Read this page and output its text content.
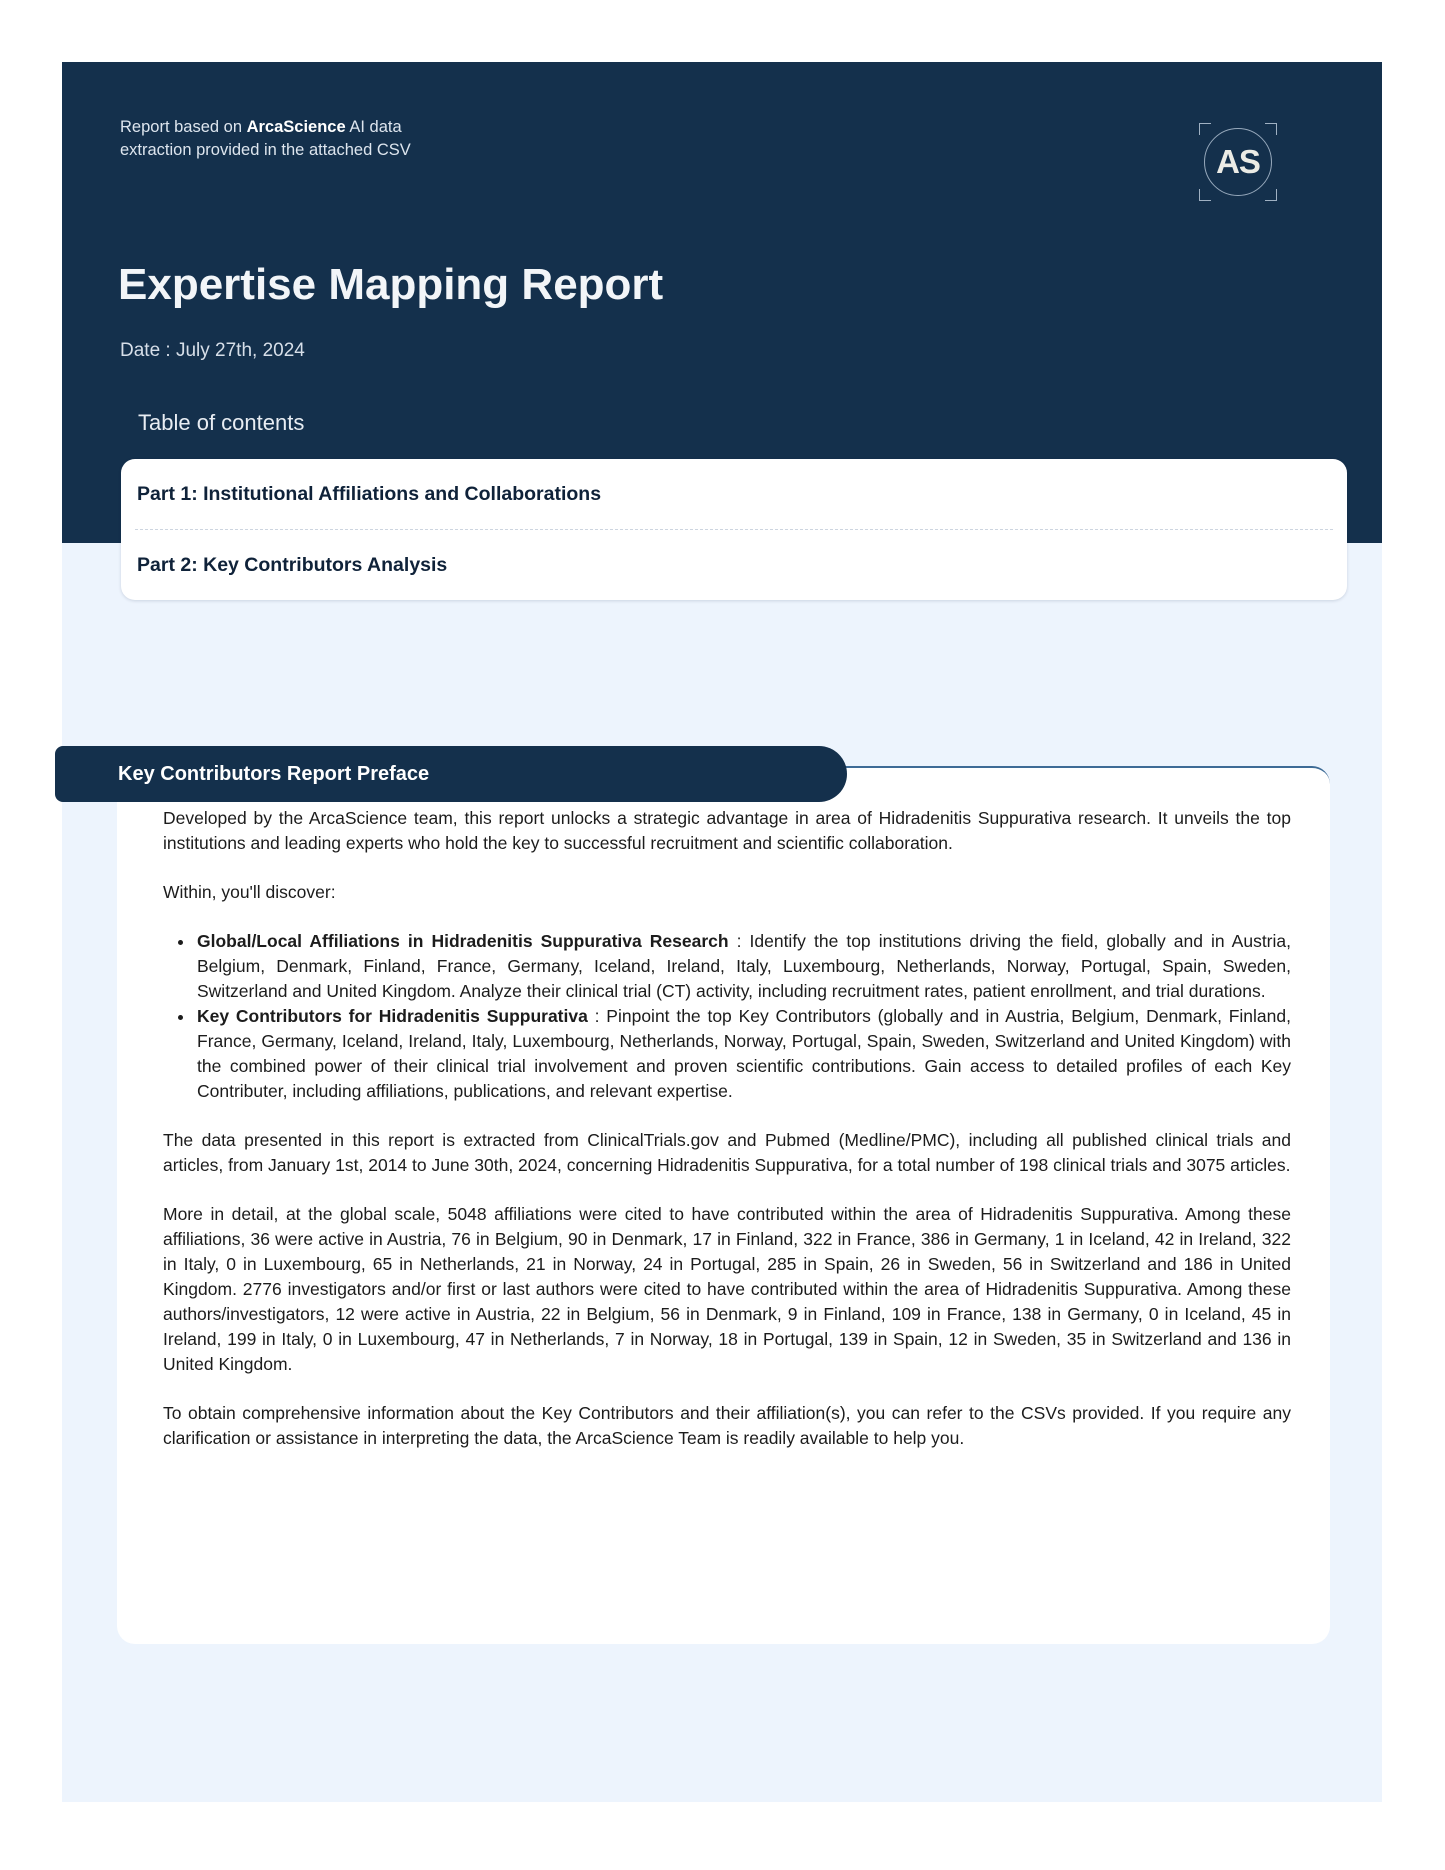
Report based on ArcaScience AI data extraction provided in the attached CSV	AS
Expertise Mapping Report
Date : July 27th, 2024
Table of contents
Part 1: Institutional Affiliations and Collaborations
Part 2: Key Contributors Analysis

Developed by the ArcaScience team, this report unlocks a strategic advantage in area of Hidradenitis Suppurativa research. It unveils the top institutions and leading experts who hold the key to successful recruitment and scientific collaboration.

Within, you'll discover:

• Global/Local Affiliations in Hidradenitis Suppurativa Research : Identify the top institutions driving the field, globally and in Austria, Belgium, Denmark, Finland, France, Germany, Iceland, Ireland, Italy, Luxembourg, Netherlands, Norway, Portugal, Spain, Sweden, Switzerland and United Kingdom. Analyze their clinical trial (CT) activity, including recruitment rates, patient enrollment, and trial durations.
• Key Contributors for Hidradenitis Suppurativa : Pinpoint the top Key Contributors (globally and in Austria, Belgium, Denmark, Finland, France, Germany, Iceland, Ireland, Italy, Luxembourg, Netherlands, Norway, Portugal, Spain, Sweden, Switzerland and United Kingdom) with the combined power of their clinical trial involvement and proven scientific contributions. Gain access to detailed profiles of each Key Contributer, including affiliations, publications, and relevant expertise.

The data presented in this report is extracted from ClinicalTrials.gov and Pubmed (Medline/PMC), including all published clinical trials and articles, from January 1st, 2014 to June 30th, 2024, concerning Hidradenitis Suppurativa, for a total number of 198 clinical trials and 3075 articles.

More in detail, at the global scale, 5048 affiliations were cited to have contributed within the area of Hidradenitis Suppurativa. Among these affiliations, 36 were active in Austria, 76 in Belgium, 90 in Denmark, 17 in Finland, 322 in France, 386 in Germany, 1 in Iceland, 42 in Ireland, 322 in Italy, 0 in Luxembourg, 65 in Netherlands, 21 in Norway, 24 in Portugal, 285 in Spain, 26 in Sweden, 56 in Switzerland and 186 in United Kingdom. 2776 investigators and/or first or last authors were cited to have contributed within the area of Hidradenitis Suppurativa. Among these authors/investigators, 12 were active in Austria, 22 in Belgium, 56 in Denmark, 9 in Finland, 109 in France, 138 in Germany, 0 in Iceland, 45 in Ireland, 199 in Italy, 0 in Luxembourg, 47 in Netherlands, 7 in Norway, 18 in Portugal, 139 in Spain, 12 in Sweden, 35 in Switzerland and 136 in United Kingdom.

To obtain comprehensive information about the Key Contributors and their affiliation(s), you can refer to the CSVs provided. If you require any clarification or assistance in interpreting the data, the ArcaScience Team is readily available to help you.

Key Contributors Report Preface
